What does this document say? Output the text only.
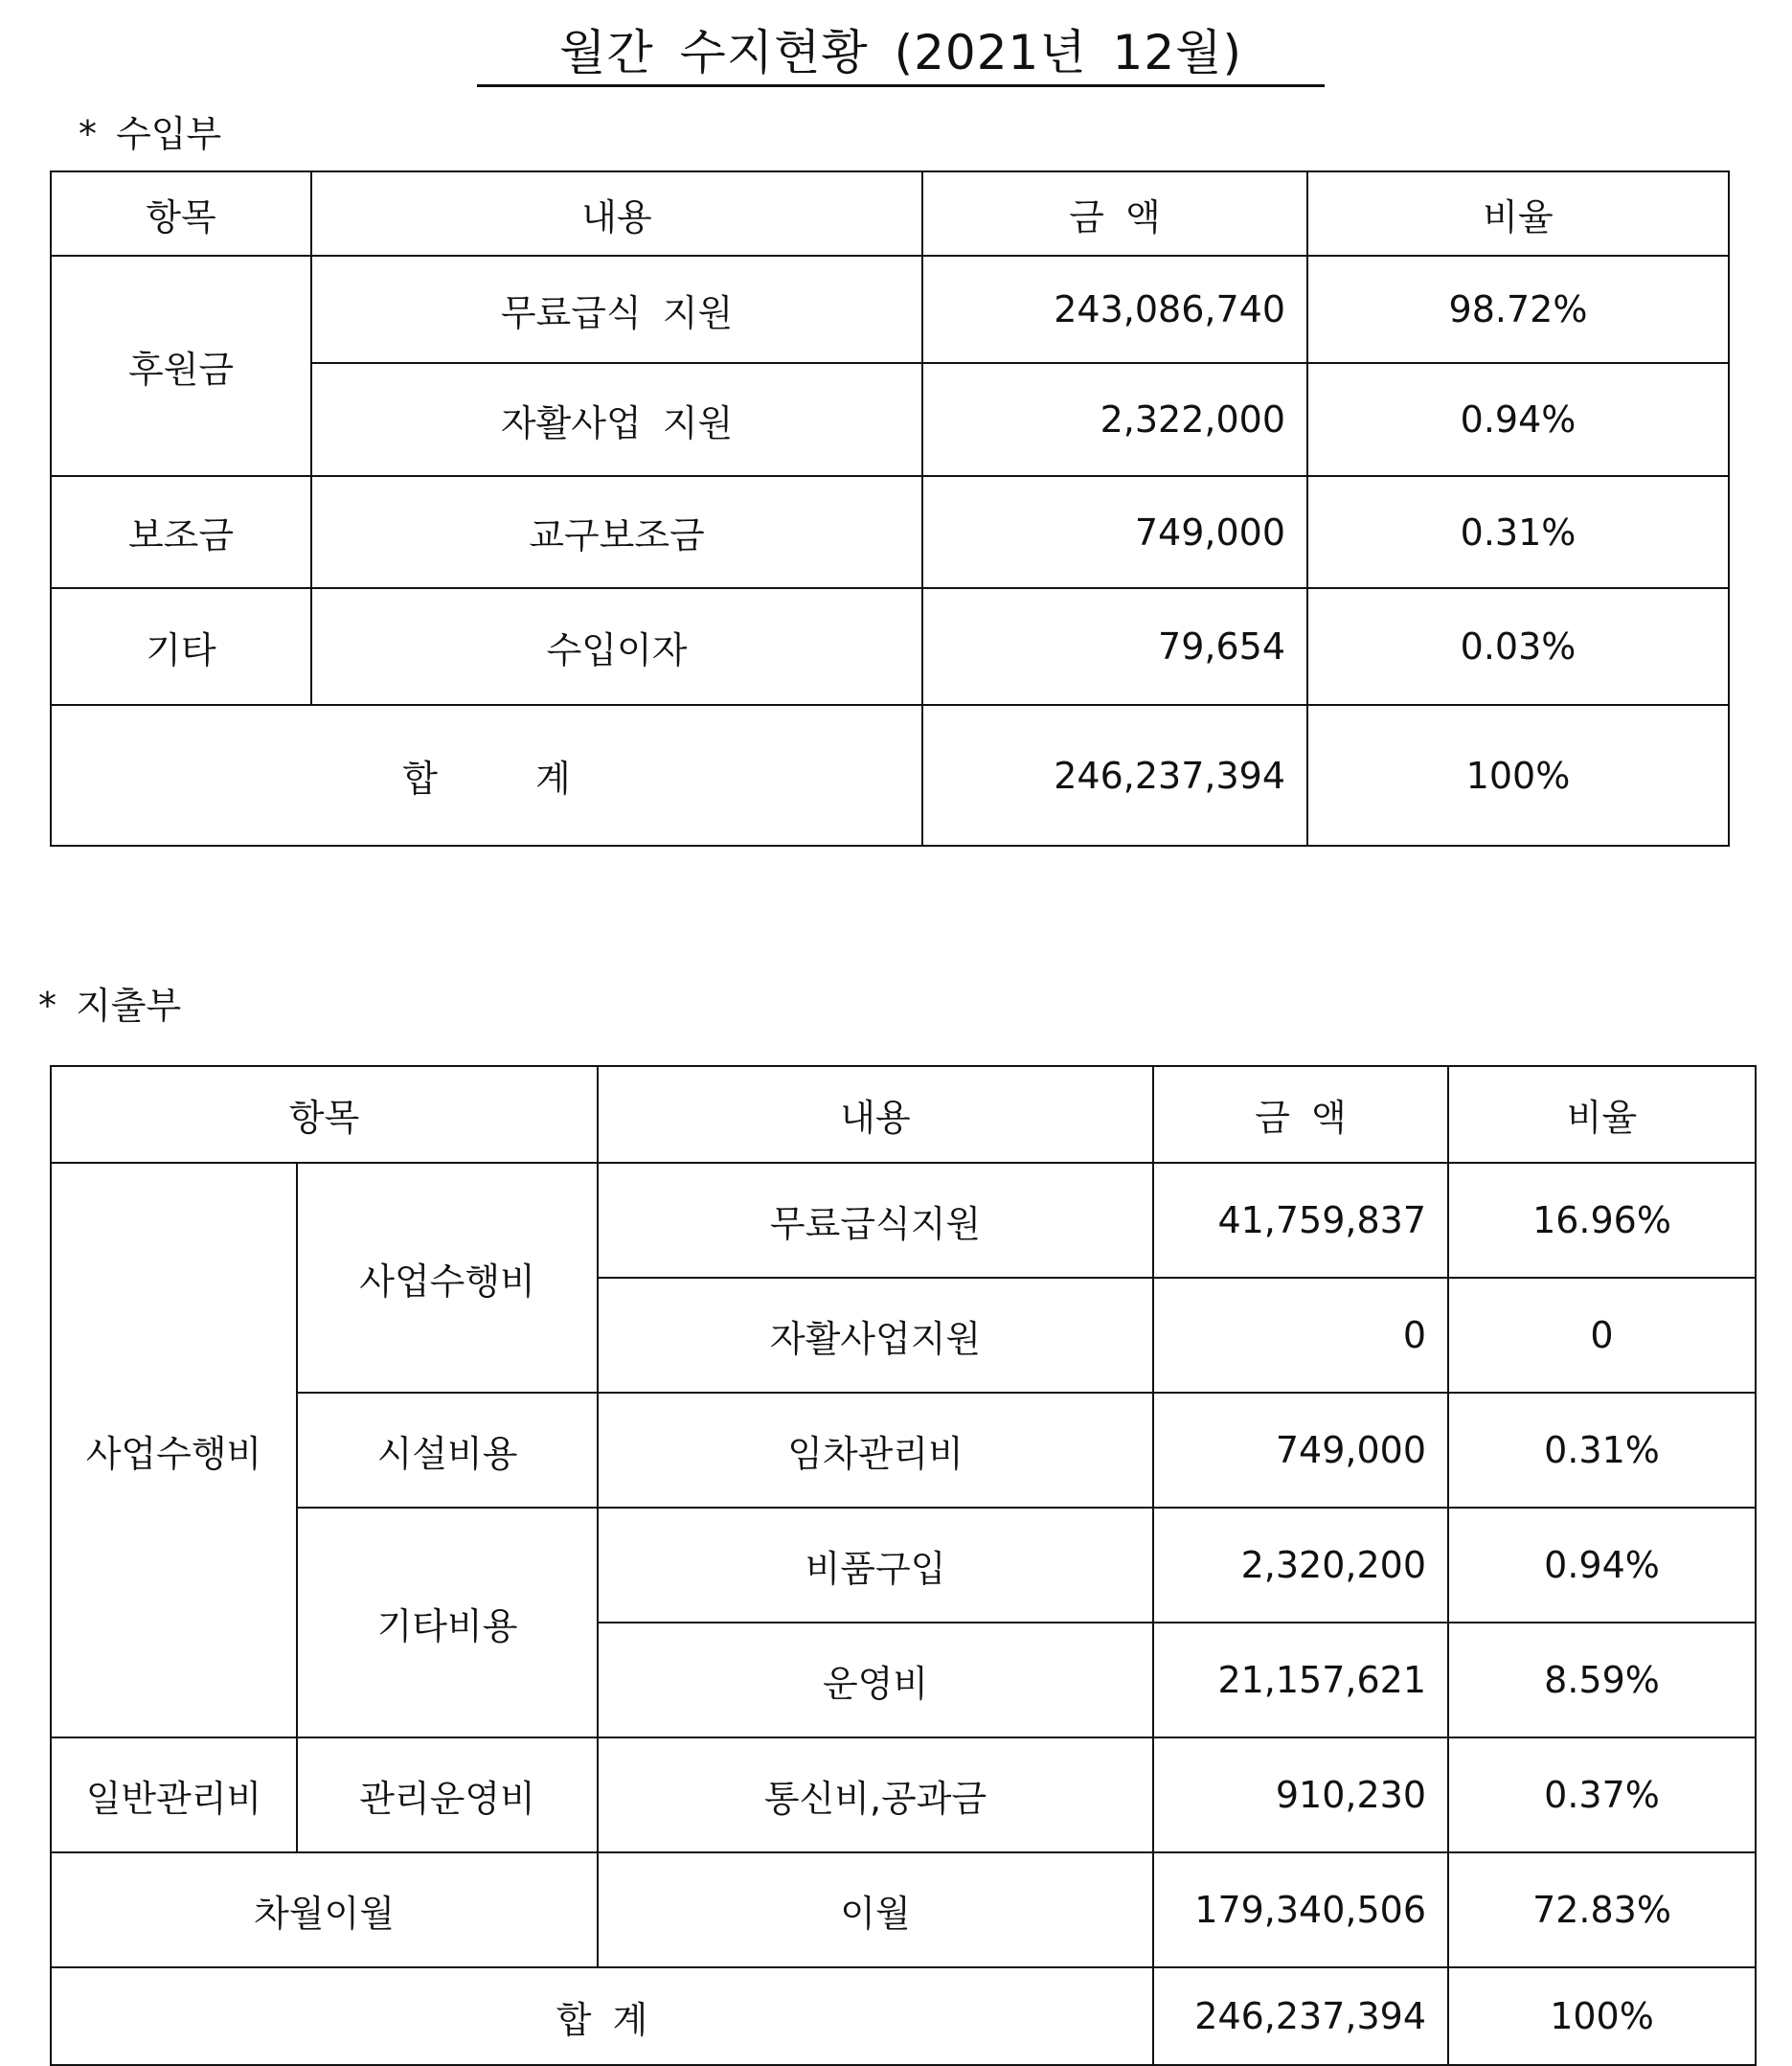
월간 수지현황 (2021년 12월)
* 수입부
항목	내용	금 액	비율
후원금	무료급식 지원	243,086,740	98.72%
	자활사업 지원	2,322,000	0.94%
보조금	교구보조금	749,000	0.31%
기타	수입이자	79,654	0.03%
합 계		246,237,394	100%
* 지출부
항목		내용	금 액	비율
사업수행비	사업수행비	무료급식지원	41,759,837	16.96%
		자활사업지원	0	0
	시설비용	임차관리비	749,000	0.31%
	기타비용	비품구입	2,320,200	0.94%
		운영비	21,157,621	8.59%
일반관리비	관리운영비	통신비,공과금	910,230	0.37%
차월이월		이월	179,340,506	72.83%
합 계			246,237,394	100%
